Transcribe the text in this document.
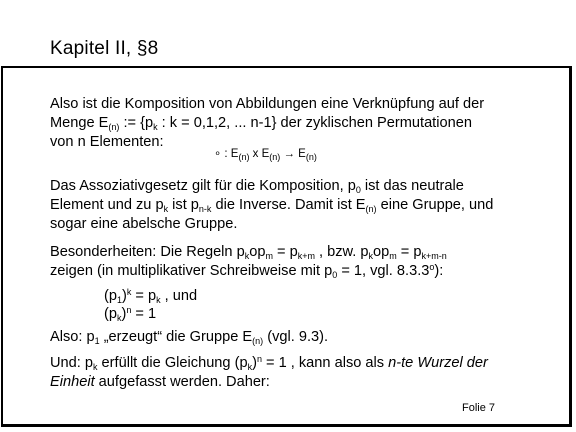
Kapitel II, §8
Also ist die Komposition von Abbildungen eine Verknüpfung auf der
Menge $E_{(n)}$ := {$p_k$ : k = 0,1,2, ... n-1} der zyklischen Permutationen
von n Elementen:
∘ : $E_{(n)}$ x $E_{(n)} \to E_{(n)}$
Das Assoziativgesetz gilt für die Komposition, $p_0$ ist das neutrale
Element und zu $p_k$ ist $p_{n-k}$ die Inverse. Damit ist $E_{(n)}$ eine Gruppe, und
sogar eine abelsche Gruppe.
Besonderheiten: Die Regeln $p_kop_m = p_{k+m}$ , bzw. $p_kop_m = p_{k+m-n}$
zeigen (in multiplikativer Schreibweise mit $p_0 = 1$, vgl. 8.3.3$^o$):
$(p_1)^k = p_k$ , und
$(p_k)^n = 1$
Also: $p_1$ „erzeugt“ die Gruppe $E_{(n)}$ (vgl. 9.3).
Und: $p_k$ erfüllt die Gleichung $(p_k)^n = 1$ , kann also als n-te Wurzel der
Einheit aufgefasst werden. Daher:
Folie 7
